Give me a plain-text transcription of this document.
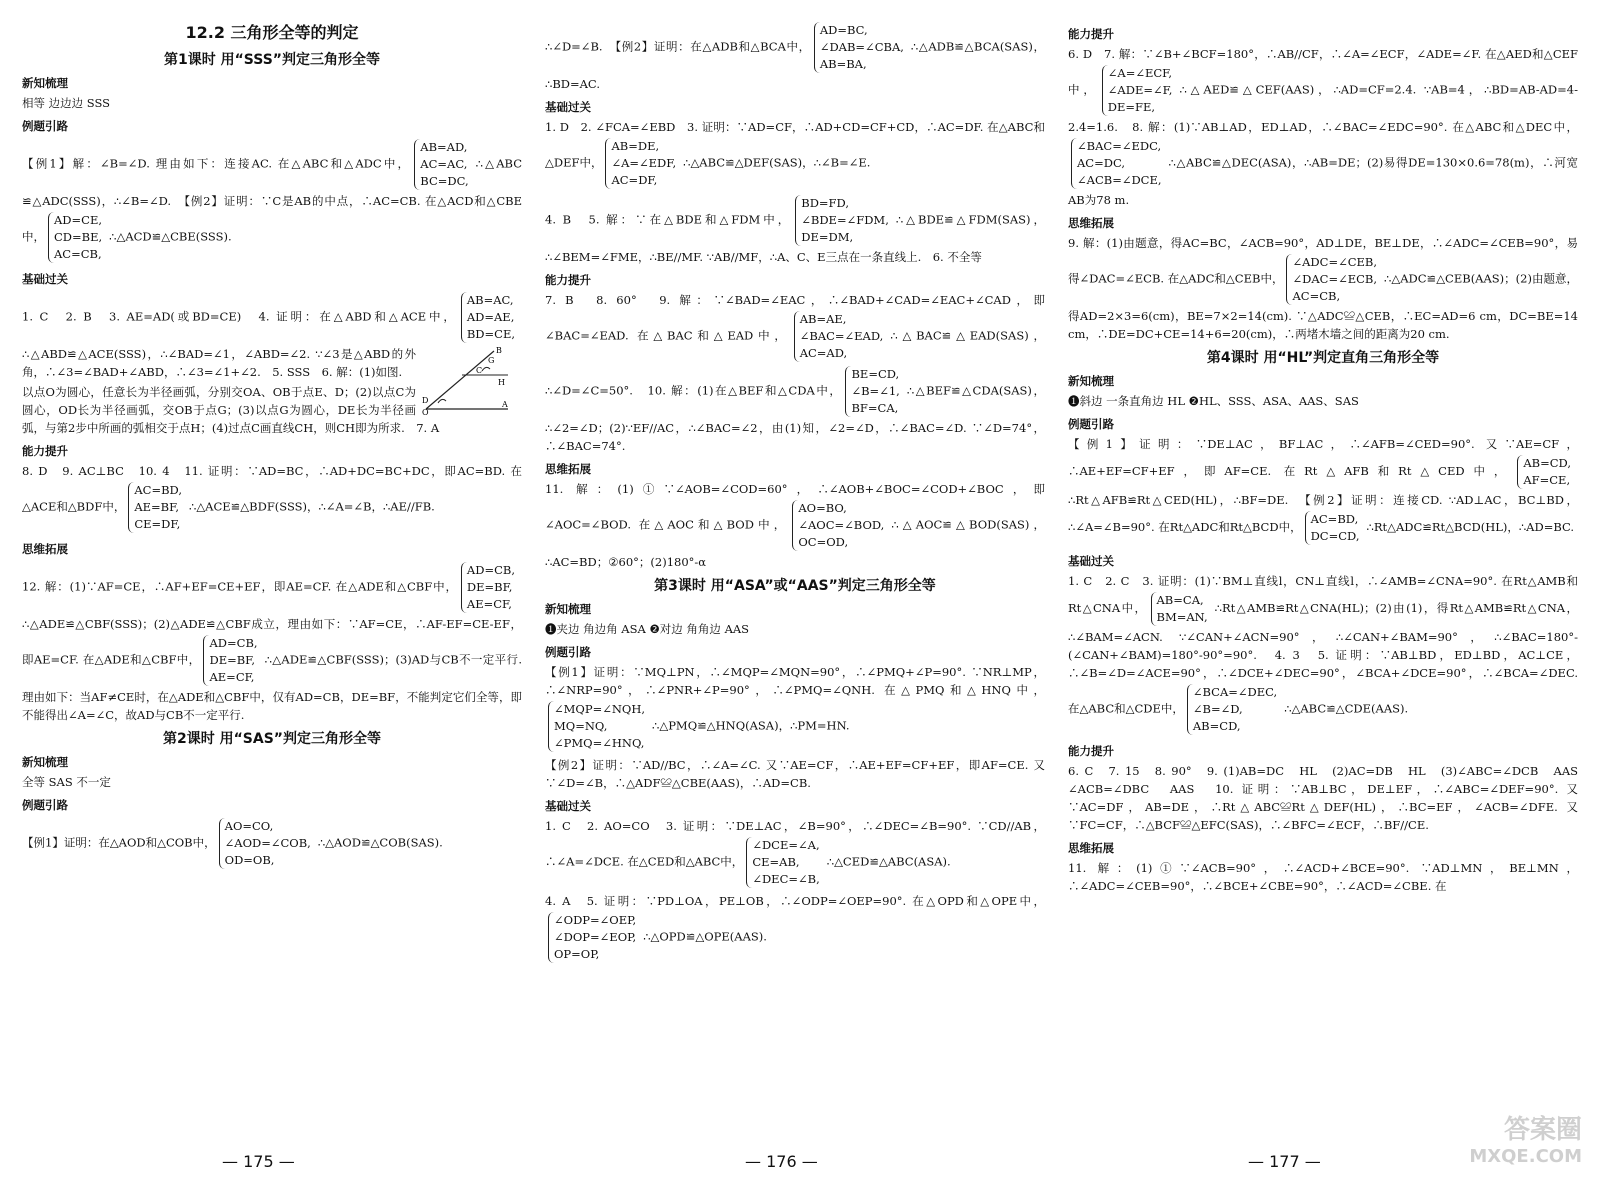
12.2 三角形全等的判定
第1课时 用“SSS”判定三角形全等
新知梳理

相等 边边边 SSS

例题引路

【例1】解：∠B=∠D. 理由如下：连接AC. 在△ABC和△ADC中，
AB=AD,
AC=AC,
BC=DC,
∴△ABC ≌△ADC(SSS)，∴∠B=∠D.　【例2】证明：∵C是AB的中点，∴AC=CB. 在△ACD和△CBE中，
AD=CE,
CD=BE,
AC=CB,
∴△ACD≌△CBE(SSS).

基础过关

1. C　2. B　3. AE=AD(或BD=CE)　4. 证明：在△ABD和△ACE中，
AB=AC,
AD=AE,
BD=CE,
D
O
A
B
C
G
H
∴△ABD≌△ACE(SSS)，∴∠BAD=∠1，∠ABD=∠2. ∵∠3是△ABD的外角，∴∠3=∠BAD+∠ABD，∴∠3=∠1+∠2.　5. SSS　6. 解：(1)如图.

以点O为圆心，任意长为半径画弧，分别交OA、OB于点E、D；(2)以点C为圆心，OD长为半径画弧，交OB于点G；(3)以点G为圆心，DE长为半径画弧，与第2步中所画的弧相交于点H；(4)过点C画直线CH，则CH即为所求.　7. A

能力提升

8. D　9. AC⊥BC　10. 4　11. 证明：∵AD=BC，∴AD+DC=BC+DC，即AC=BD. 在△ACE和△BDF中，
AC=BD,
AE=BF,
CE=DF,
∴△ACE≌△BDF(SSS)，∴∠A=∠B，∴AE//FB.

思维拓展

12. 解：(1)∵AF=CE，∴AF+EF=CE+EF，即AE=CF. 在△ADE和△CBF中，
AD=CB,
DE=BF,
AE=CF,
∴△ADE≌△CBF(SSS)；(2)△ADE≌△CBF成立，理由如下：∵AF=CE，∴AF-EF=CE-EF，即AE=CF. 在△ADE和△CBF中，
AD=CB,
DE=BF,
AE=CF,
∴△ADE≌△CBF(SSS)；(3)AD与CB不一定平行. 理由如下：当AF≠CE时，在△ADE和△CBF中，仅有AD=CB，DE=BF，不能判定它们全等，即不能得出∠A=∠C，故AD与CB不一定平行.

第2课时 用“SAS”判定三角形全等
新知梳理

全等 SAS 不一定

例题引路

【例1】证明：在△AOD和△COB中，
AO=CO,
∠AOD=∠COB,
OD=OB,
∴△AOD≌△COB(SAS).

∴∠D=∠B.　【例2】证明：在△ADB和△BCA中，
AD=BC,
∠DAB=∠CBA,
AB=BA,
∴△ADB≌△BCA(SAS)，∴BD=AC.

基础过关

1. D　2. ∠FCA=∠EBD　3. 证明：∵AD=CF，∴AD+CD=CF+CD，∴AC=DF. 在△ABC和△DEF中，
AB=DE,
∠A=∠EDF,
AC=DF,
∴△ABC≌△DEF(SAS)，∴∠B=∠E.

4. B　5. 解：∵在△BDE和△FDM中，
BD=FD,
∠BDE=∠FDM,
DE=DM,
∴△BDE≌△FDM(SAS)，∴∠BEM=∠FME，∴BE//MF. ∵AB//MF，∴A、C、E三点在一条直线上.　6. 不全等

能力提升

7. B　8. 60°　9. 解：∵∠BAD=∠EAC，∴∠BAD+∠CAD=∠EAC+∠CAD，即∠BAC=∠EAD. 在△BAC和△EAD中，
AB=AE,
∠BAC=∠EAD,
AC=AD,
∴△BAC≌△EAD(SAS)，∴∠D=∠C=50°.　10. 解：(1)在△BEF和△CDA中，
BE=CD,
∠B=∠1,
BF=CA,
∴△BEF≌△CDA(SAS)，∴∠2=∠D；(2)∵EF//AC，∴∠BAC=∠2，由(1)知，∠2=∠D，∴∠BAC=∠D. ∵∠D=74°，∴∠BAC=74°.

思维拓展

11. 解：(1)①∵∠AOB=∠COD=60°，∴∠AOB+∠BOC=∠COD+∠BOC，即∠AOC=∠BOD. 在△AOC和△BOD中，
AO=BO,
∠AOC=∠BOD,
OC=OD,
∴△AOC≌△BOD(SAS)，∴AC=BD；②60°；(2)180°-α

第3课时 用“ASA”或“AAS”判定三角形全等
新知梳理

❶夹边 角边角 ASA ❷对边 角角边 AAS

例题引路

【例1】证明：∵MQ⊥PN，∴∠MQP=∠MQN=90°，∴∠PMQ+∠P=90°. ∵NR⊥MP，∴∠NRP=90°，∴∠PNR+∠P=90°，∴∠PMQ=∠QNH. 在△PMQ和△HNQ中，
∠MQP=∠NQH,
MQ=NQ,
∠PMQ=∠HNQ,
∴△PMQ≌△HNQ(ASA)，∴PM=HN.

【例2】证明：∵AD//BC，∴∠A=∠C. 又∵AE=CF，∴AE+EF=CF+EF，即AF=CE. 又∵∠D=∠B，∴△ADF≌△CBE(AAS)，∴AD=CB.

基础过关

1. C　2. AO=CO　3. 证明：∵DE⊥AC，∠B=90°，∴∠DEC=∠B=90°. ∵CD//AB，∴∠A=∠DCE. 在△CED和△ABC中，
∠DCE=∠A,
CE=AB,
∠DEC=∠B,
∴△CED≌△ABC(ASA).

4. A　5. 证明：∵PD⊥OA，PE⊥OB，∴∠ODP=∠OEP=90°. 在△OPD和△OPE中，
∠ODP=∠OEP,
∠DOP=∠EOP,
OP=OP,
∴△OPD≌△OPE(AAS).

能力提升

6. D　7. 解：∵∠B+∠BCF=180°，∴AB//CF，∴∠A=∠ECF，∠ADE=∠F. 在△AED和△CEF中，
∠A=∠ECF,
∠ADE=∠F,
DE=FE,
∴△AED≌△CEF(AAS)，∴AD=CF=2.4. ∵AB=4，∴BD=AB-AD=4-2.4=1.6.　8. 解：(1)∵AB⊥AD，ED⊥AD，∴∠BAC=∠EDC=90°. 在△ABC和△DEC中，
∠BAC=∠EDC,
AC=DC,
∠ACB=∠DCE,
∴△ABC≌△DEC(ASA)，∴AB=DE；(2)易得DE=130×0.6=78(m)，∴河宽AB为78 m.

思维拓展

9. 解：(1)由题意，得AC=BC，∠ACB=90°，AD⊥DE，BE⊥DE，∴∠ADC=∠CEB=90°，易得∠DAC=∠ECB. 在△ADC和△CEB中，
∠ADC=∠CEB,
∠DAC=∠ECB,
AC=CB,
∴△ADC≌△CEB(AAS)；(2)由题意，得AD=2×3=6(cm)，BE=7×2=14(cm). ∵△ADC≌△CEB，∴EC=AD=6 cm，DC=BE=14 cm，∴DE=DC+CE=14+6=20(cm)，∴两堵木墙之间的距离为20 cm.

第4课时 用“HL”判定直角三角形全等
新知梳理

❶斜边 一条直角边 HL ❷HL、SSS、ASA、AAS、SAS

例题引路

【例1】证明：∵DE⊥AC，BF⊥AC，∴∠AFB=∠CED=90°. 又∵AE=CF，∴AE+EF=CF+EF，即AF=CE. 在Rt△AFB和Rt△CED中，
AB=CD,
AF=CE,
∴Rt△AFB≌Rt△CED(HL)，∴BF=DE.　【例2】证明：连接CD. ∵AD⊥AC，BC⊥BD，∴∠A=∠B=90°. 在Rt△ADC和Rt△BCD中，
AC=BD,
DC=CD,
∴Rt△ADC≌Rt△BCD(HL)，∴AD=BC.

基础过关

1. C　2. C　3. 证明：(1)∵BM⊥直线l，CN⊥直线l，∴∠AMB=∠CNA=90°. 在Rt△AMB和Rt△CNA中，
AB=CA,
BM=AN,
∴Rt△AMB≌Rt△CNA(HL)；(2)由(1)，得Rt△AMB≌Rt△CNA，∴∠BAM=∠ACN. ∵∠CAN+∠ACN=90°，∴∠CAN+∠BAM=90°，∴∠BAC=180°-(∠CAN+∠BAM)=180°-90°=90°.　4. 3　5. 证明：∵AB⊥BD，ED⊥BD，AC⊥CE，∴∠B=∠D=∠ACE=90°，∴∠DCE+∠DEC=90°，∠BCA+∠DCE=90°，∴∠BCA=∠DEC. 在△ABC和△CDE中，
∠BCA=∠DEC,
∠B=∠D,
AB=CD,
∴△ABC≌△CDE(AAS).

能力提升

6. C　7. 15　8. 90°　9. (1)AB=DC　HL　(2)AC=DB　HL　(3)∠ABC=∠DCB　AAS　∠ACB=∠DBC　AAS　10. 证明：∵AB⊥BC，DE⊥EF，∴∠ABC=∠DEF=90°. 又∵AC=DF，AB=DE，∴Rt△ABC≌Rt△DEF(HL)，∴BC=EF，∠ACB=∠DFE. 又∵FC=CF，∴△BCF≌△EFC(SAS)，∴∠BFC=∠ECF，∴BF//CE.

思维拓展

11. 解：(1)①∵∠ACB=90°，∴∠ACD+∠BCE=90°. ∵AD⊥MN，BE⊥MN，∴∠ADC=∠CEB=90°，∴∠BCE+∠CBE=90°，∴∠ACD=∠CBE. 在

— 175 —	— 176 —	— 177 —
答案圈
MXQE.COM
